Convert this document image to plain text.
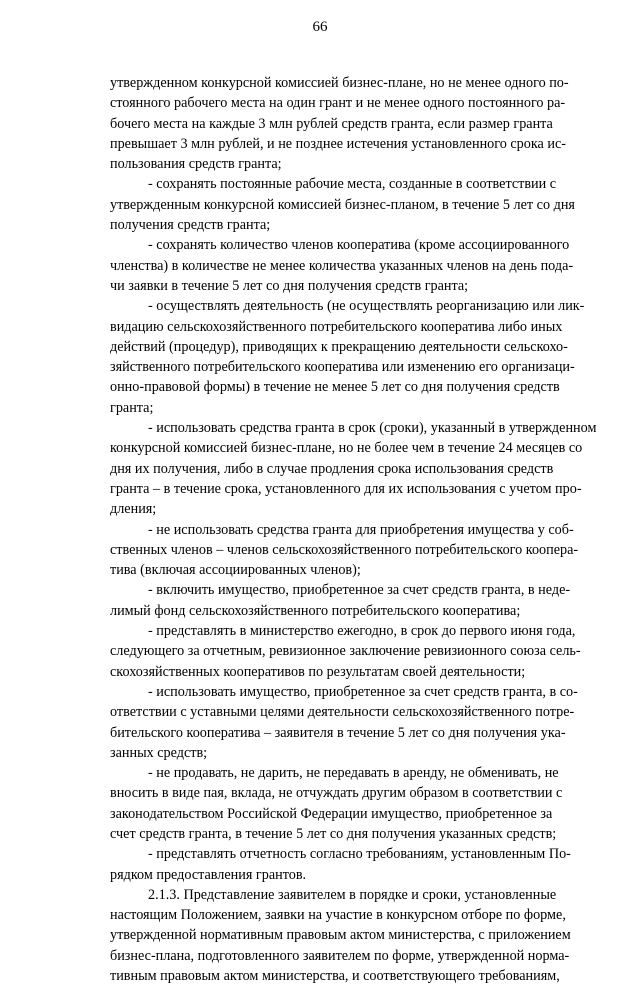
66
утвержденном конкурсной комиссией бизнес-плане, но не менее одного по-
стоянного рабочего места на один грант и не менее одного постоянного ра-
бочего места на каждые 3 млн рублей средств гранта, если размер гранта
превышает 3 млн рублей, и не позднее истечения установленного срока ис-
пользования средств гранта;
- сохранять постоянные рабочие места, созданные в соответствии с
утвержденным конкурсной комиссией бизнес-планом, в течение 5 лет со дня
получения средств гранта;
- сохранять количество членов кооператива (кроме ассоциированного
членства) в количестве не менее количества указанных членов на день пода-
чи заявки в течение 5 лет со дня получения средств гранта;
- осуществлять деятельность (не осуществлять реорганизацию или лик-
видацию сельскохозяйственного потребительского кооператива либо иных
действий (процедур), приводящих к прекращению деятельности сельскохо-
зяйственного потребительского кооператива или изменению его организаци-
онно-правовой формы) в течение не менее 5 лет со дня получения средств
гранта;
- использовать средства гранта в срок (сроки), указанный в утвержденном
конкурсной комиссией бизнес-плане, но не более чем в течение 24 месяцев со
дня их получения, либо в случае продления срока использования средств
гранта – в течение срока, установленного для их использования с учетом про-
дления;
- не использовать средства гранта для приобретения имущества у соб-
ственных членов – членов сельскохозяйственного потребительского коопера-
тива (включая ассоциированных членов);
- включить имущество, приобретенное за счет средств гранта, в недe-
лимый фонд сельскохозяйственного потребительского кооператива;
- представлять в министерство ежегодно, в срок до первого июня года,
следующего за отчетным, ревизионное заключение ревизионного союза сель-
скохозяйственных кооперативов по результатам своей деятельности;
- использовать имущество, приобретенное за счет средств гранта, в со-
ответствии с уставными целями деятельности сельскохозяйственного потре-
бительского кооператива – заявителя в течение 5 лет со дня получения ука-
занных средств;
- не продавать, не дарить, не передавать в аренду, не обменивать, не
вносить в виде пая, вклада, не отчуждать другим образом в соответствии с
законодательством Российской Федерации имущество, приобретенное за
счет средств гранта, в течение 5 лет со дня получения указанных средств;
- представлять отчетность согласно требованиям, установленным По-
рядком предоставления грантов.
2.1.3. Представление заявителем в порядке и сроки, установленные
настоящим Положением, заявки на участие в конкурсном отборе по форме,
утвержденной нормативным правовым актом министерства, с приложением
бизнес-плана, подготовленного заявителем по форме, утвержденной норма-
тивным правовым актом министерства, и соответствующего требованиям,
